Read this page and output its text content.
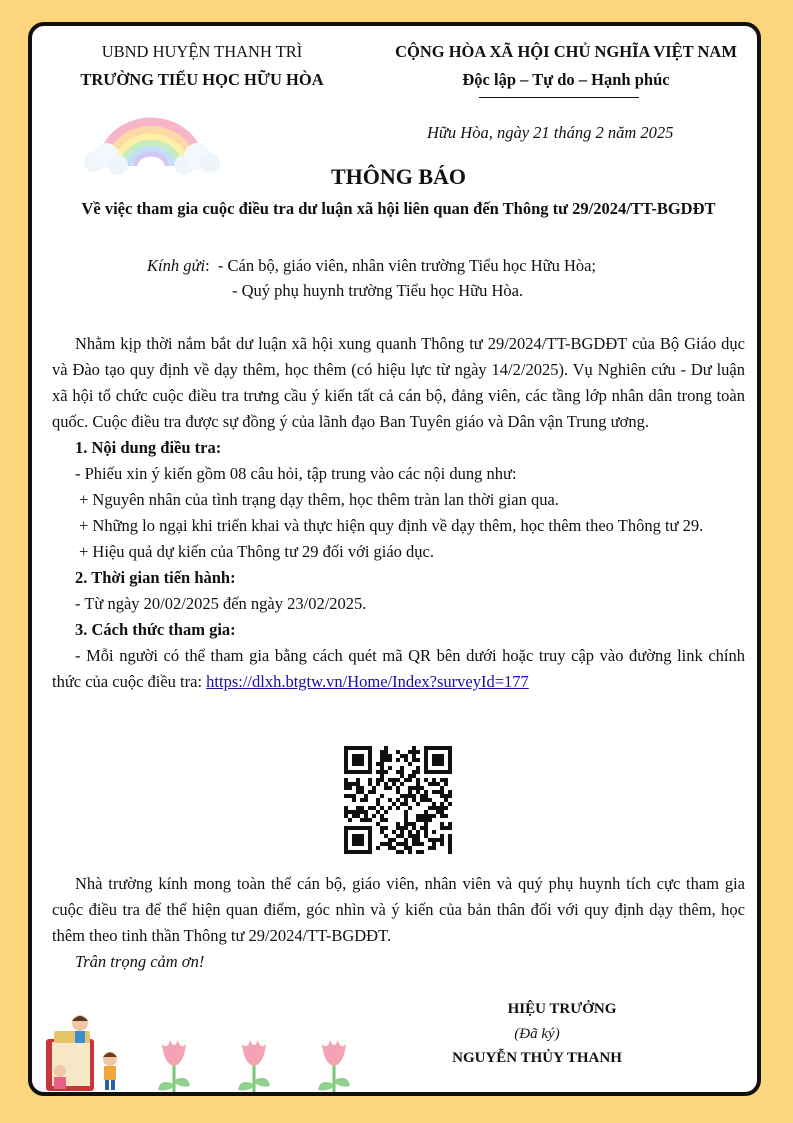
UBND HUYỆN THANH TRÌ
TRƯỜNG TIỂU HỌC HỮU HÒA
CỘNG HÒA XÃ HỘI CHỦ NGHĨA VIỆT NAM
Độc lập – Tự do – Hạnh phúc
Hữu Hòa, ngày 21 tháng 2 năm 2025
THÔNG BÁO
Về việc tham gia cuộc điều tra dư luận xã hội liên quan đến Thông tư 29/2024/TT-BGDĐT
Kính gửi:  - Cán bộ, giáo viên, nhân viên trường Tiểu học Hữu Hòa;
- Quý phụ huynh trường Tiểu học Hữu Hòa.

Nhằm kịp thời nắm bắt dư luận xã hội xung quanh Thông tư 29/2024/TT-BGDĐT của Bộ Giáo dục và Đào tạo quy định về dạy thêm, học thêm (có hiệu lực từ ngày 14/2/2025). Vụ Nghiên cứu - Dư luận xã hội tổ chức cuộc điều tra trưng cầu ý kiến tất cả cán bộ, đảng viên, các tầng lớp nhân dân trong toàn quốc. Cuộc điều tra được sự đồng ý của lãnh đạo Ban Tuyên giáo và Dân vận Trung ương.

1. Nội dung điều tra:

- Phiếu xin ý kiến gồm 08 câu hỏi, tập trung vào các nội dung như:

+ Nguyên nhân của tình trạng dạy thêm, học thêm tràn lan thời gian qua.

+ Những lo ngại khi triển khai và thực hiện quy định về dạy thêm, học thêm theo Thông tư 29.

+ Hiệu quả dự kiến của Thông tư 29 đối với giáo dục.

2. Thời gian tiến hành:

- Từ ngày 20/02/2025 đến ngày 23/02/2025.

3. Cách thức tham gia:

- Mỗi người có thể tham gia bằng cách quét mã QR bên dưới hoặc truy cập vào đường link chính thức của cuộc điều tra: https://dlxh.btgtw.vn/Home/Index?surveyId=177

Nhà trường kính mong toàn thể cán bộ, giáo viên, nhân viên và quý phụ huynh tích cực tham gia cuộc điều tra để thể hiện quan điểm, góc nhìn và ý kiến của bản thân đối với quy định dạy thêm, học thêm theo tinh thần Thông tư 29/2024/TT-BGDĐT.

Trân trọng cảm ơn!

HIỆU TRƯỞNG
(Đã ký)
NGUYỄN THỦY THANH
